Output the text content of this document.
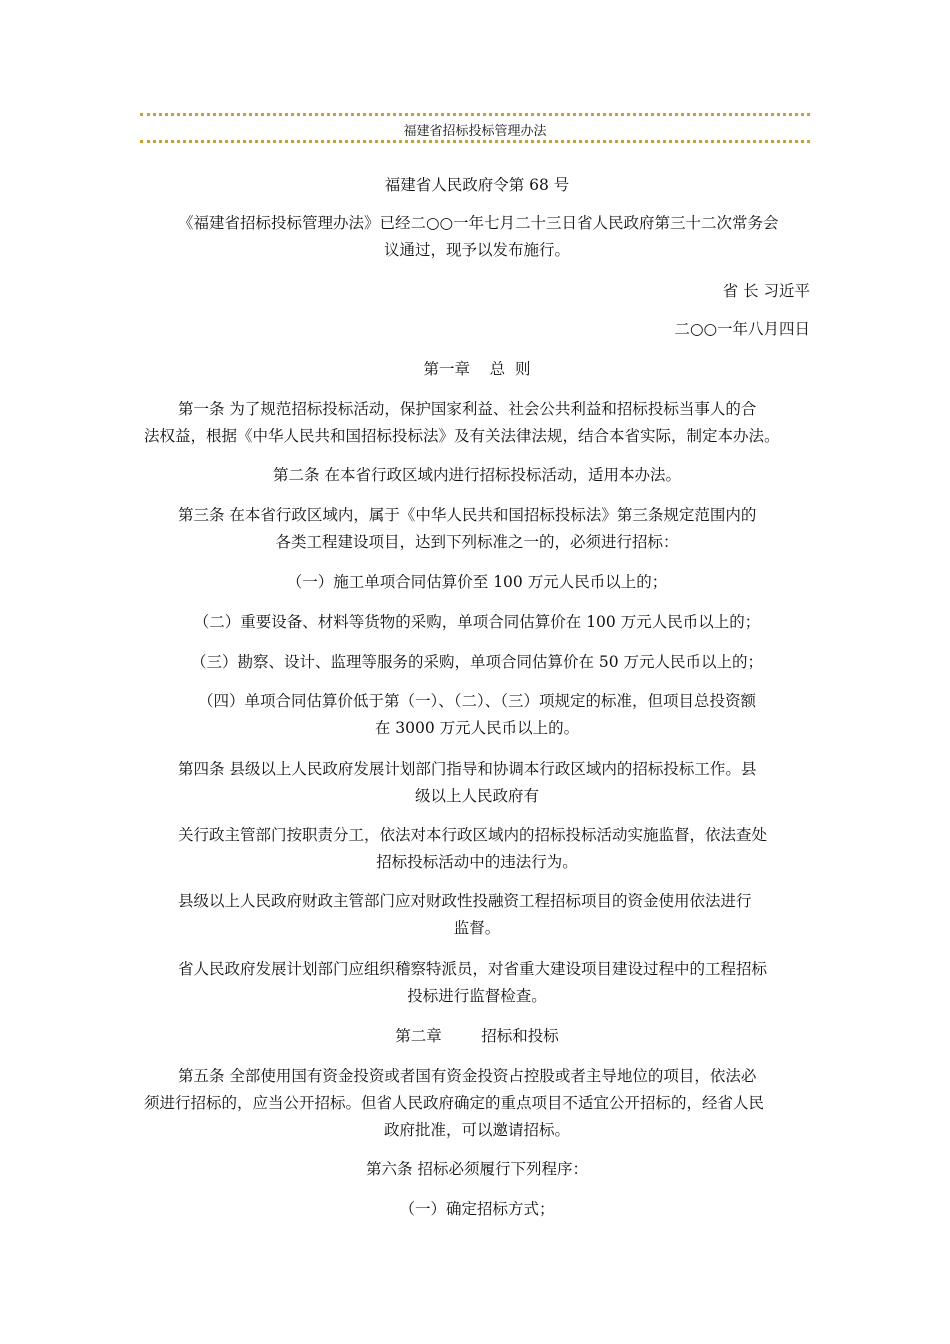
福建省招标投标管理办法

福建省人民政府令第 68 号

《福建省招标投标管理办法》已经二○○一年七月二十三日省人民政府第三十二次常务会

议通过，现予以发布施行。

省 长 习近平

二○○一年八月四日

第一章    总  则

第一条 为了规范招标投标活动，保护国家利益、社会公共利益和招标投标当事人的合

法权益，根据《中华人民共和国招标投标法》及有关法律法规，结合本省实际，制定本办法。

第二条 在本省行政区域内进行招标投标活动，适用本办法。

第三条 在本省行政区域内，属于《中华人民共和国招标投标法》第三条规定范围内的

各类工程建设项目，达到下列标准之一的，必须进行招标：

（一）施工单项合同估算价至 100 万元人民币以上的；

（二）重要设备、材料等货物的采购，单项合同估算价在 100 万元人民币以上的；

（三）勘察、设计、监理等服务的采购，单项合同估算价在 50 万元人民币以上的；

（四）单项合同估算价低于第（一）、（二）、（三）项规定的标准，但项目总投资额

在 3000 万元人民币以上的。

第四条 县级以上人民政府发展计划部门指导和协调本行政区域内的招标投标工作。县

级以上人民政府有

关行政主管部门按职责分工，依法对本行政区域内的招标投标活动实施监督，依法查处

招标投标活动中的违法行为。

县级以上人民政府财政主管部门应对财政性投融资工程招标项目的资金使用依法进行

监督。

省人民政府发展计划部门应组织稽察特派员，对省重大建设项目建设过程中的工程招标

投标进行监督检查。

第二章        招标和投标

第五条 全部使用国有资金投资或者国有资金投资占控股或者主导地位的项目，依法必

须进行招标的，应当公开招标。但省人民政府确定的重点项目不适宜公开招标的，经省人民

政府批准，可以邀请招标。

第六条 招标必须履行下列程序：

（一）确定招标方式；
